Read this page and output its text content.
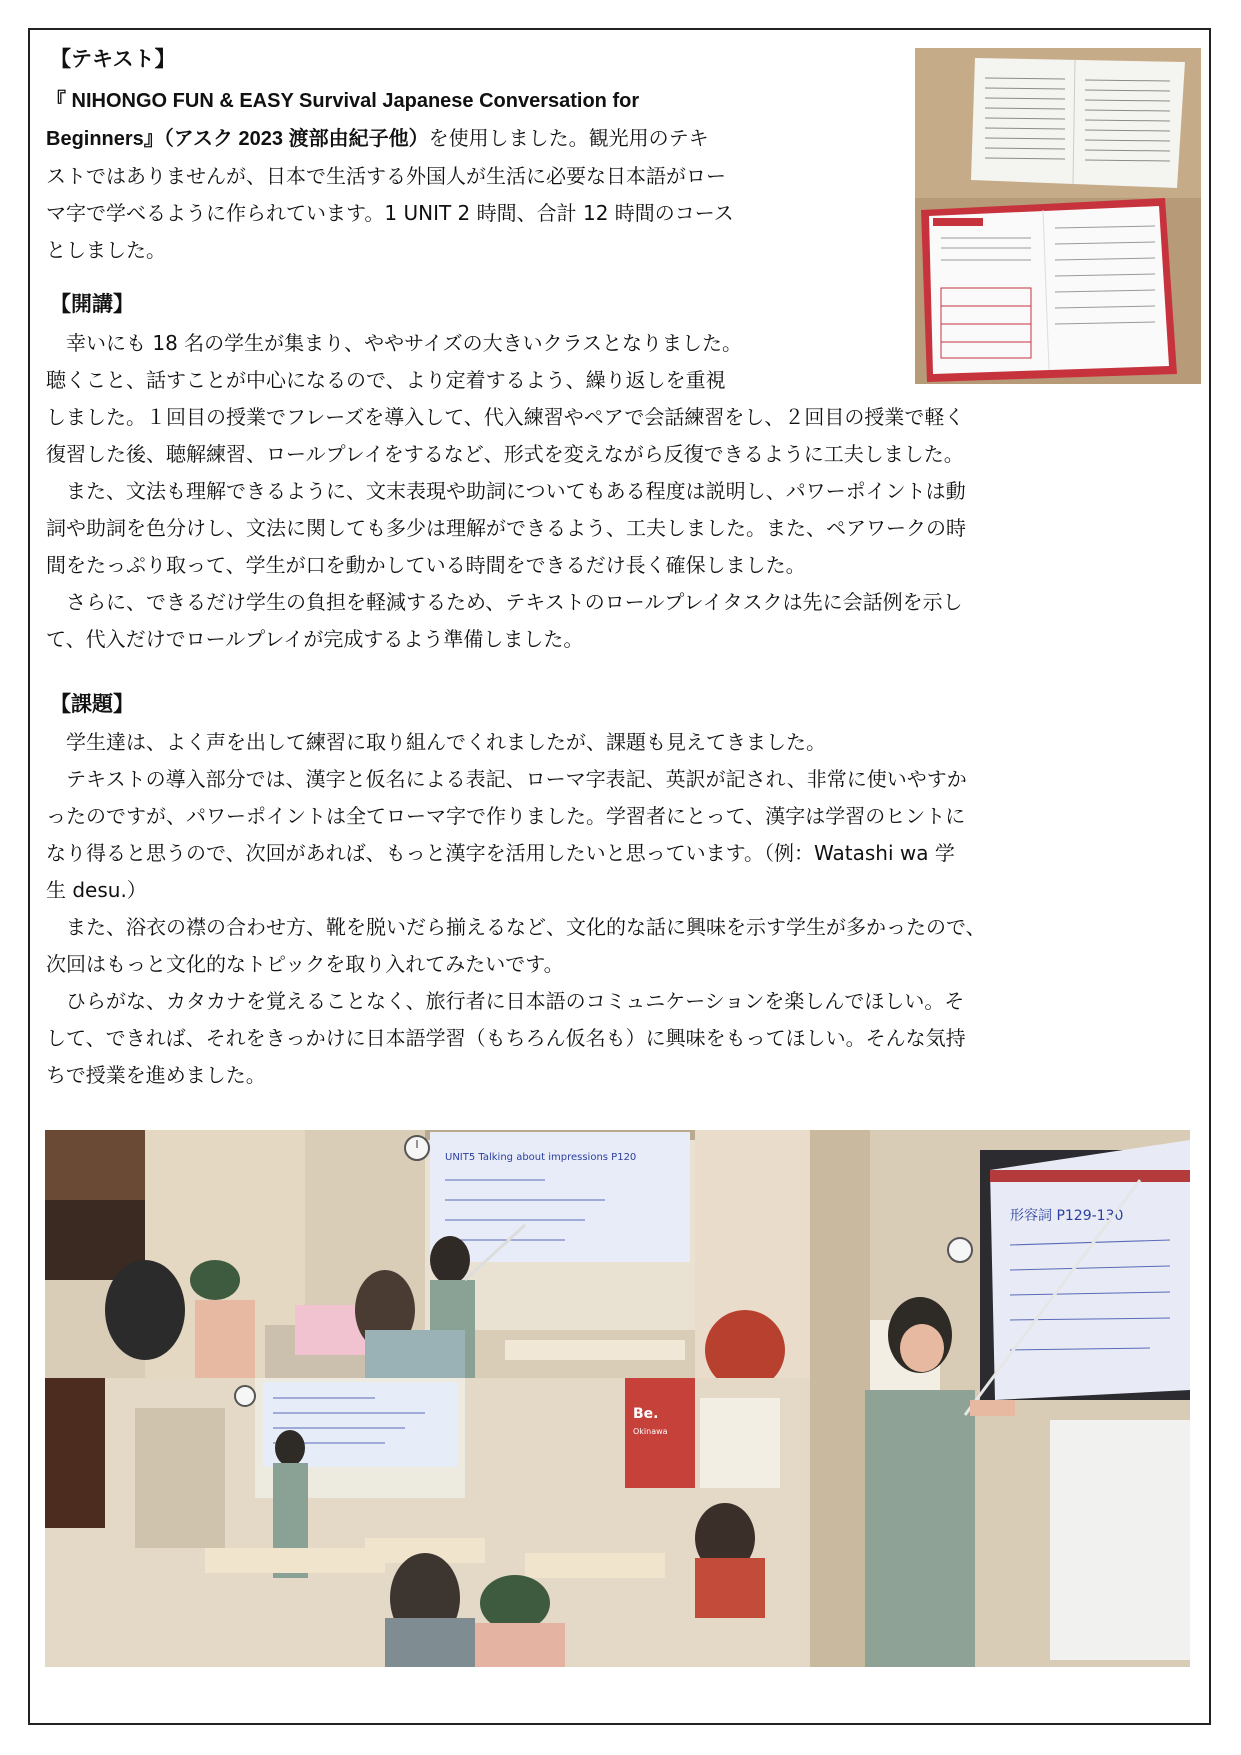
【テキスト】
『 NIHONGO FUN & EASY Survival Japanese Conversation for
Beginners』（アスク 2023 渡部由紀子他）を使用しました。観光用のテキ
ストではありませんが、日本で生活する外国人が生活に必要な日本語がロー
マ字で学べるように作られています。1 UNIT 2 時間、合計 12 時間のコース
としました。
【開講】
幸いにも 18 名の学生が集まり、ややサイズの大きいクラスとなりました。
聴くこと、話すことが中心になるので、より定着するよう、繰り返しを重視
しました。１回目の授業でフレーズを導入して、代入練習やペアで会話練習をし、２回目の授業で軽く
復習した後、聴解練習、ロールプレイをするなど、形式を変えながら反復できるように工夫しました。
また、文法も理解できるように、文末表現や助詞についてもある程度は説明し、パワーポイントは動
詞や助詞を色分けし、文法に関しても多少は理解ができるよう、工夫しました。また、ペアワークの時
間をたっぷり取って、学生が口を動かしている時間をできるだけ長く確保しました。
さらに、できるだけ学生の負担を軽減するため、テキストのロールプレイタスクは先に会話例を示し
て、代入だけでロールプレイが完成するよう準備しました。
【課題】
学生達は、よく声を出して練習に取り組んでくれましたが、課題も見えてきました。
テキストの導入部分では、漢字と仮名による表記、ローマ字表記、英訳が記され、非常に使いやすか
ったのですが、パワーポイントは全てローマ字で作りました。学習者にとって、漢字は学習のヒントに
なり得ると思うので、次回があれば、もっと漢字を活用したいと思っています。（例：Watashi wa 学
生 desu.）
また、浴衣の襟の合わせ方、靴を脱いだら揃えるなど、文化的な話に興味を示す学生が多かったので、
次回はもっと文化的なトピックを取り入れてみたいです。
ひらがな、カタカナを覚えることなく、旅行者に日本語のコミュニケーションを楽しんでほしい。そ
して、できれば、それをきっかけに日本語学習（もちろん仮名も）に興味をもってほしい。そんな気持
ちで授業を進めました。
UNIT5 Talking about impressions P120
Be.
Okinawa
形容詞 P129-130
